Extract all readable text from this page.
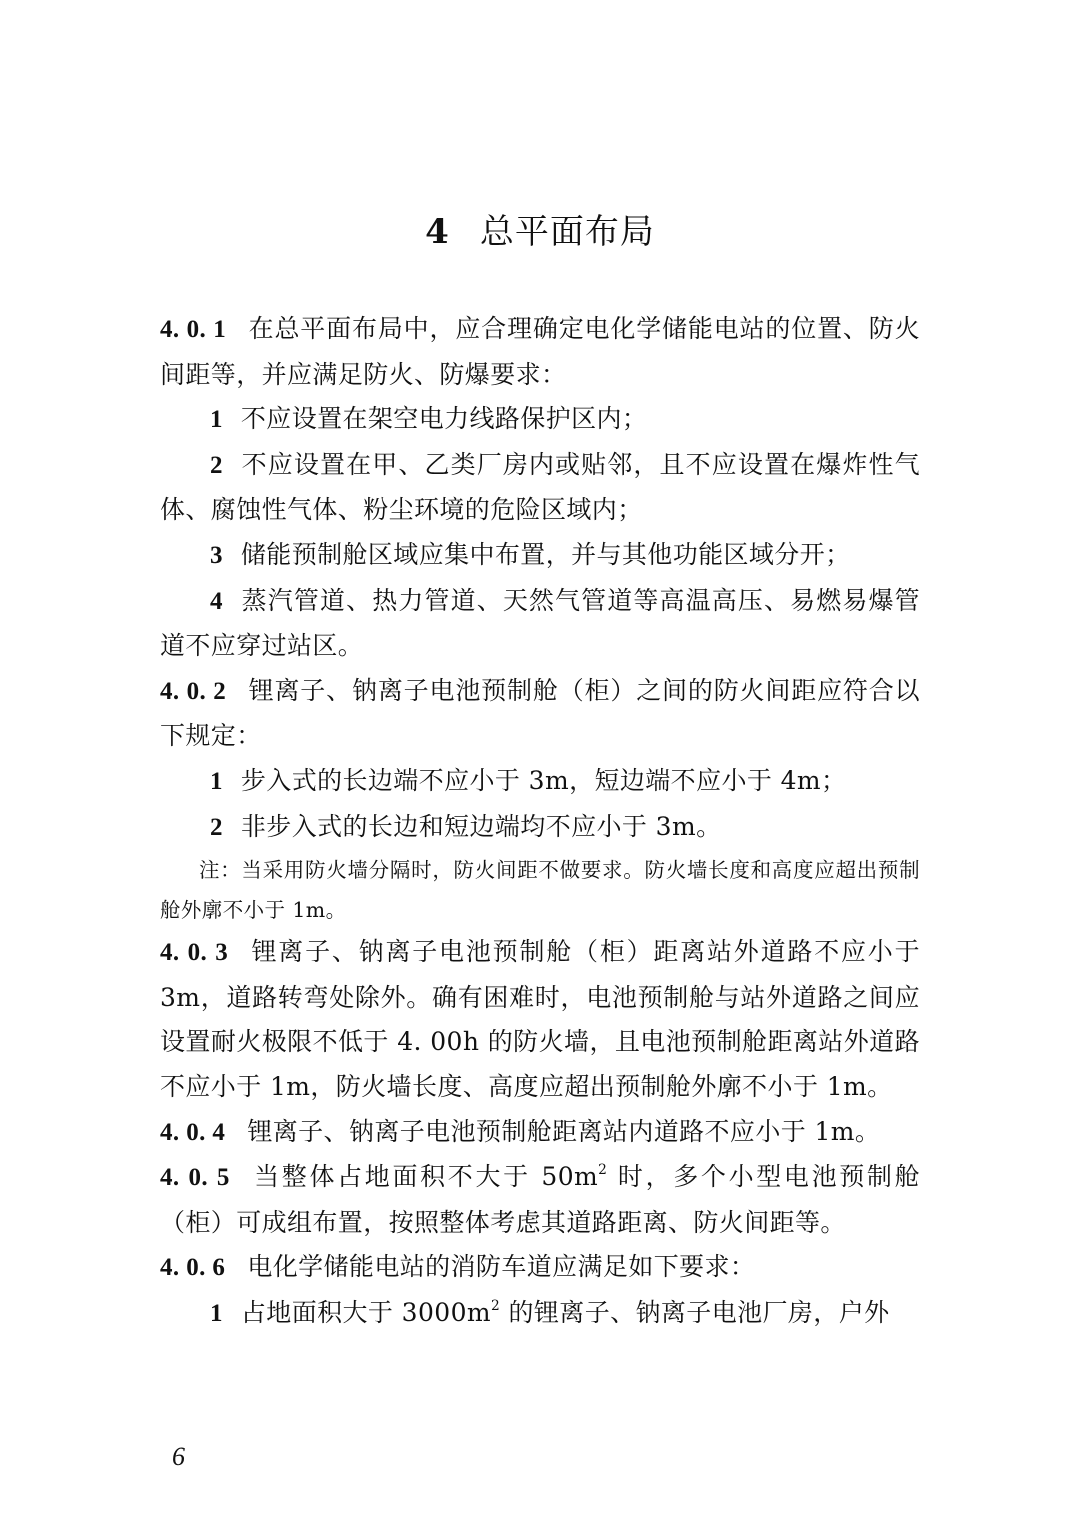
4 总平面布局

4. 0. 1 在总平面布局中，应合理确定电化学储能电站的位置、防火间距等，并应满足防火、防爆要求：

1 不应设置在架空电力线路保护区内；

2 不应设置在甲、乙类厂房内或贴邻，且不应设置在爆炸性气体、腐蚀性气体、粉尘环境的危险区域内；

3 储能预制舱区域应集中布置，并与其他功能区域分开；

4 蒸汽管道、热力管道、天然气管道等高温高压、易燃易爆管道不应穿过站区。

4. 0. 2 锂离子、钠离子电池预制舱（柜）之间的防火间距应符合以下规定：

1 步入式的长边端不应小于 3m，短边端不应小于 4m；

2 非步入式的长边和短边端均不应小于 3m。

注：当采用防火墙分隔时，防火间距不做要求。防火墙长度和高度应超出预制舱外廓不小于 1m。

4. 0. 3 锂离子、钠离子电池预制舱（柜）距离站外道路不应小于 3m，道路转弯处除外。确有困难时，电池预制舱与站外道路之间应设置耐火极限不低于 4. 00h 的防火墙，且电池预制舱距离站外道路不应小于 1m，防火墙长度、高度应超出预制舱外廓不小于 1m。

4. 0. 4 锂离子、钠离子电池预制舱距离站内道路不应小于 1m。

4. 0. 5 当整体占地面积不大于 $50m^2$ 时，多个小型电池预制舱（柜）可成组布置，按照整体考虑其道路距离、防火间距等。

4. 0. 6 电化学储能电站的消防车道应满足如下要求：

1 占地面积大于 $3000m^2$ 的锂离子、钠离子电池厂房，户外

6
